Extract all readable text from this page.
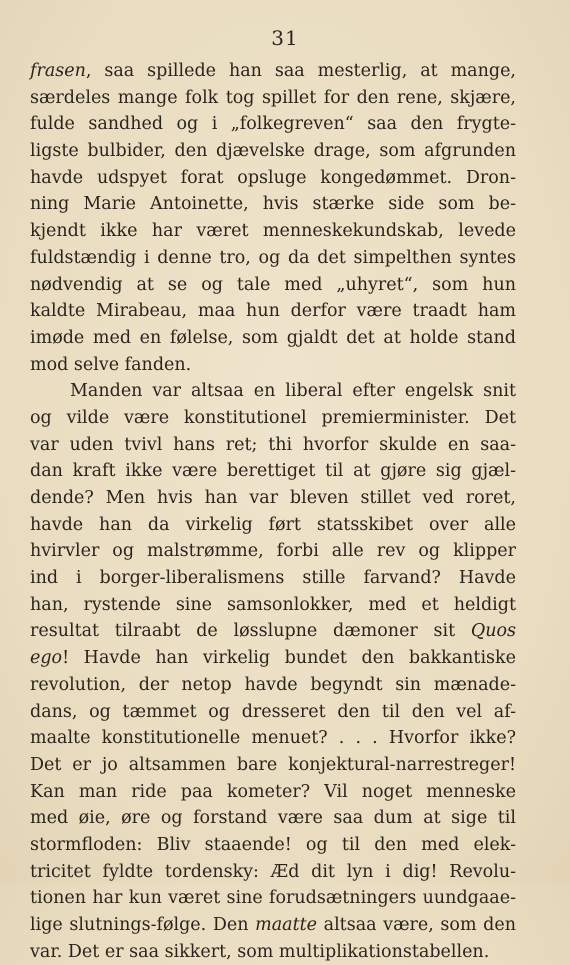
31
frasen, saa spillede han saa mesterlig, at mange,
særdeles mange folk tog spillet for den rene, skjære,
fulde sandhed og i „folkegreven“ saa den frygte-
ligste bulbider, den djævelske drage, som afgrunden
havde udspyet forat opsluge kongedømmet. Dron-
ning Marie Antoinette, hvis stærke side som be-
kjendt ikke har været menneskekundskab, levede
fuldstændig i denne tro, og da det simpelthen syntes
nødvendig at se og tale med „uhyret“, som hun
kaldte Mirabeau, maa hun derfor være traadt ham
imøde med en følelse, som gjaldt det at holde stand
mod selve fanden.
Manden var altsaa en liberal efter engelsk snit
og vilde være konstitutionel premierminister. Det
var uden tvivl hans ret; thi hvorfor skulde en saa-
dan kraft ikke være berettiget til at gjøre sig gjæl-
dende? Men hvis han var bleven stillet ved roret,
havde han da virkelig ført statsskibet over alle
hvirvler og malstrømme, forbi alle rev og klipper
ind i borger-liberalismens stille farvand? Havde
han, rystende sine samsonlokker, med et heldigt
resultat tilraabt de løsslupne dæmoner sit Quos
ego! Havde han virkelig bundet den bakkantiske
revolution, der netop havde begyndt sin mænade-
dans, og tæmmet og dresseret den til den vel af-
maalte konstitutionelle menuet? . . . Hvorfor ikke?
Det er jo altsammen bare konjektural-narrestreger!
Kan man ride paa kometer? Vil noget menneske
med øie, øre og forstand være saa dum at sige til
stormfloden: Bliv staaende! og til den med elek-
tricitet fyldte tordensky: Æd dit lyn i dig! Revolu-
tionen har kun været sine forudsætningers uundgaae-
lige slutnings-følge. Den maatte altsaa være, som den
var. Det er saa sikkert, som multiplikationstabellen.
